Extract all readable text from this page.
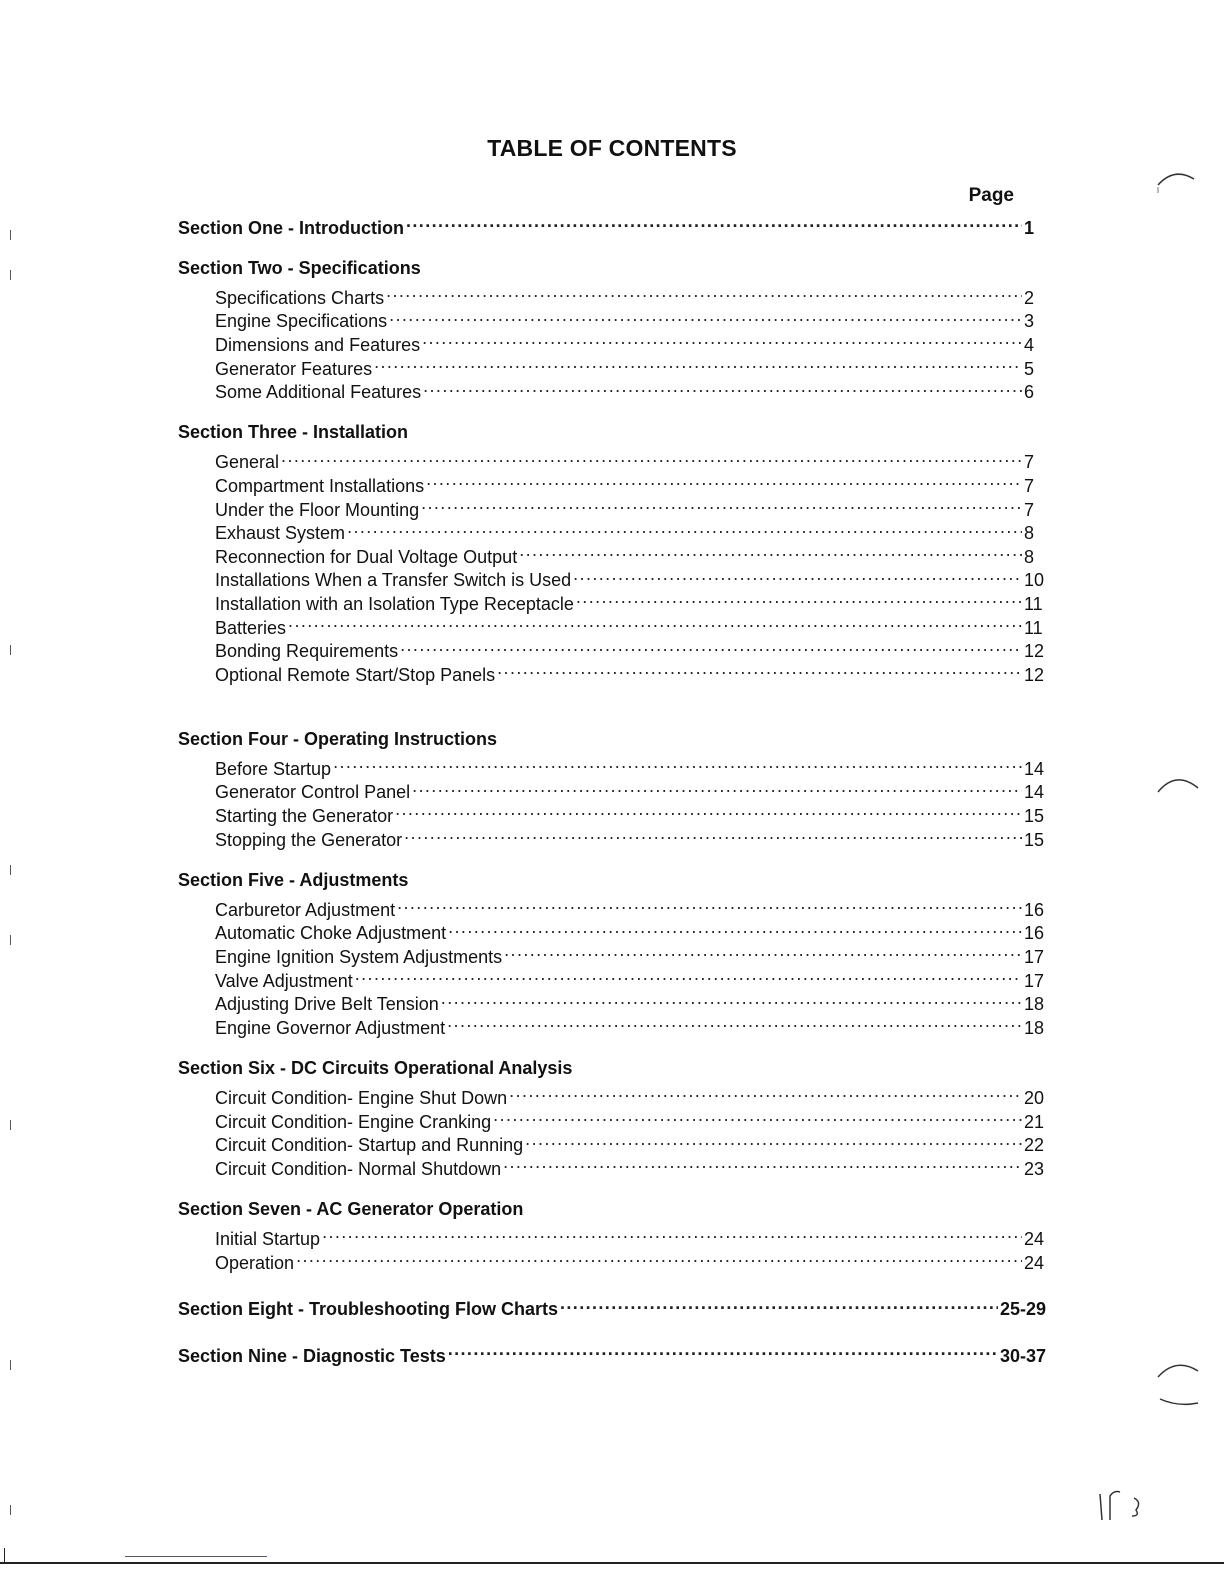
TABLE OF CONTENTS
Page
Section One - Introduction .....	1
Section Two - Specifications
Specifications Charts .....	2
Engine Specifications .....	3
Dimensions and Features .....	4
Generator Features .....	5
Some Additional Features .....	6
Section Three - Installation
General .....	7
Compartment Installations .....	7
Under the Floor Mounting .....	7
Exhaust System .....	8
Reconnection for Dual Voltage Output .....	8
Installations When a Transfer Switch is Used .....	10
Installation with an Isolation Type Receptacle .....	11
Batteries .....	11
Bonding Requirements .....	12
Optional Remote Start/Stop Panels .....	12
Section Four - Operating Instructions
Before Startup .....	14
Generator Control Panel .....	14
Starting the Generator .....	15
Stopping the Generator .....	15
Section Five - Adjustments
Carburetor Adjustment .....	16
Automatic Choke Adjustment .....	16
Engine Ignition System Adjustments .....	17
Valve Adjustment .....	17
Adjusting Drive Belt Tension .....	18
Engine Governor Adjustment .....	18
Section Six - DC Circuits Operational Analysis
Circuit Condition- Engine Shut Down .....	20
Circuit Condition- Engine Cranking .....	21
Circuit Condition- Startup and Running .....	22
Circuit Condition- Normal Shutdown .....	23
Section Seven - AC Generator Operation
Initial Startup .....	24
Operation .....	24
Section Eight - Troubleshooting Flow Charts .....	25-29
Section Nine - Diagnostic Tests .....	30-37
